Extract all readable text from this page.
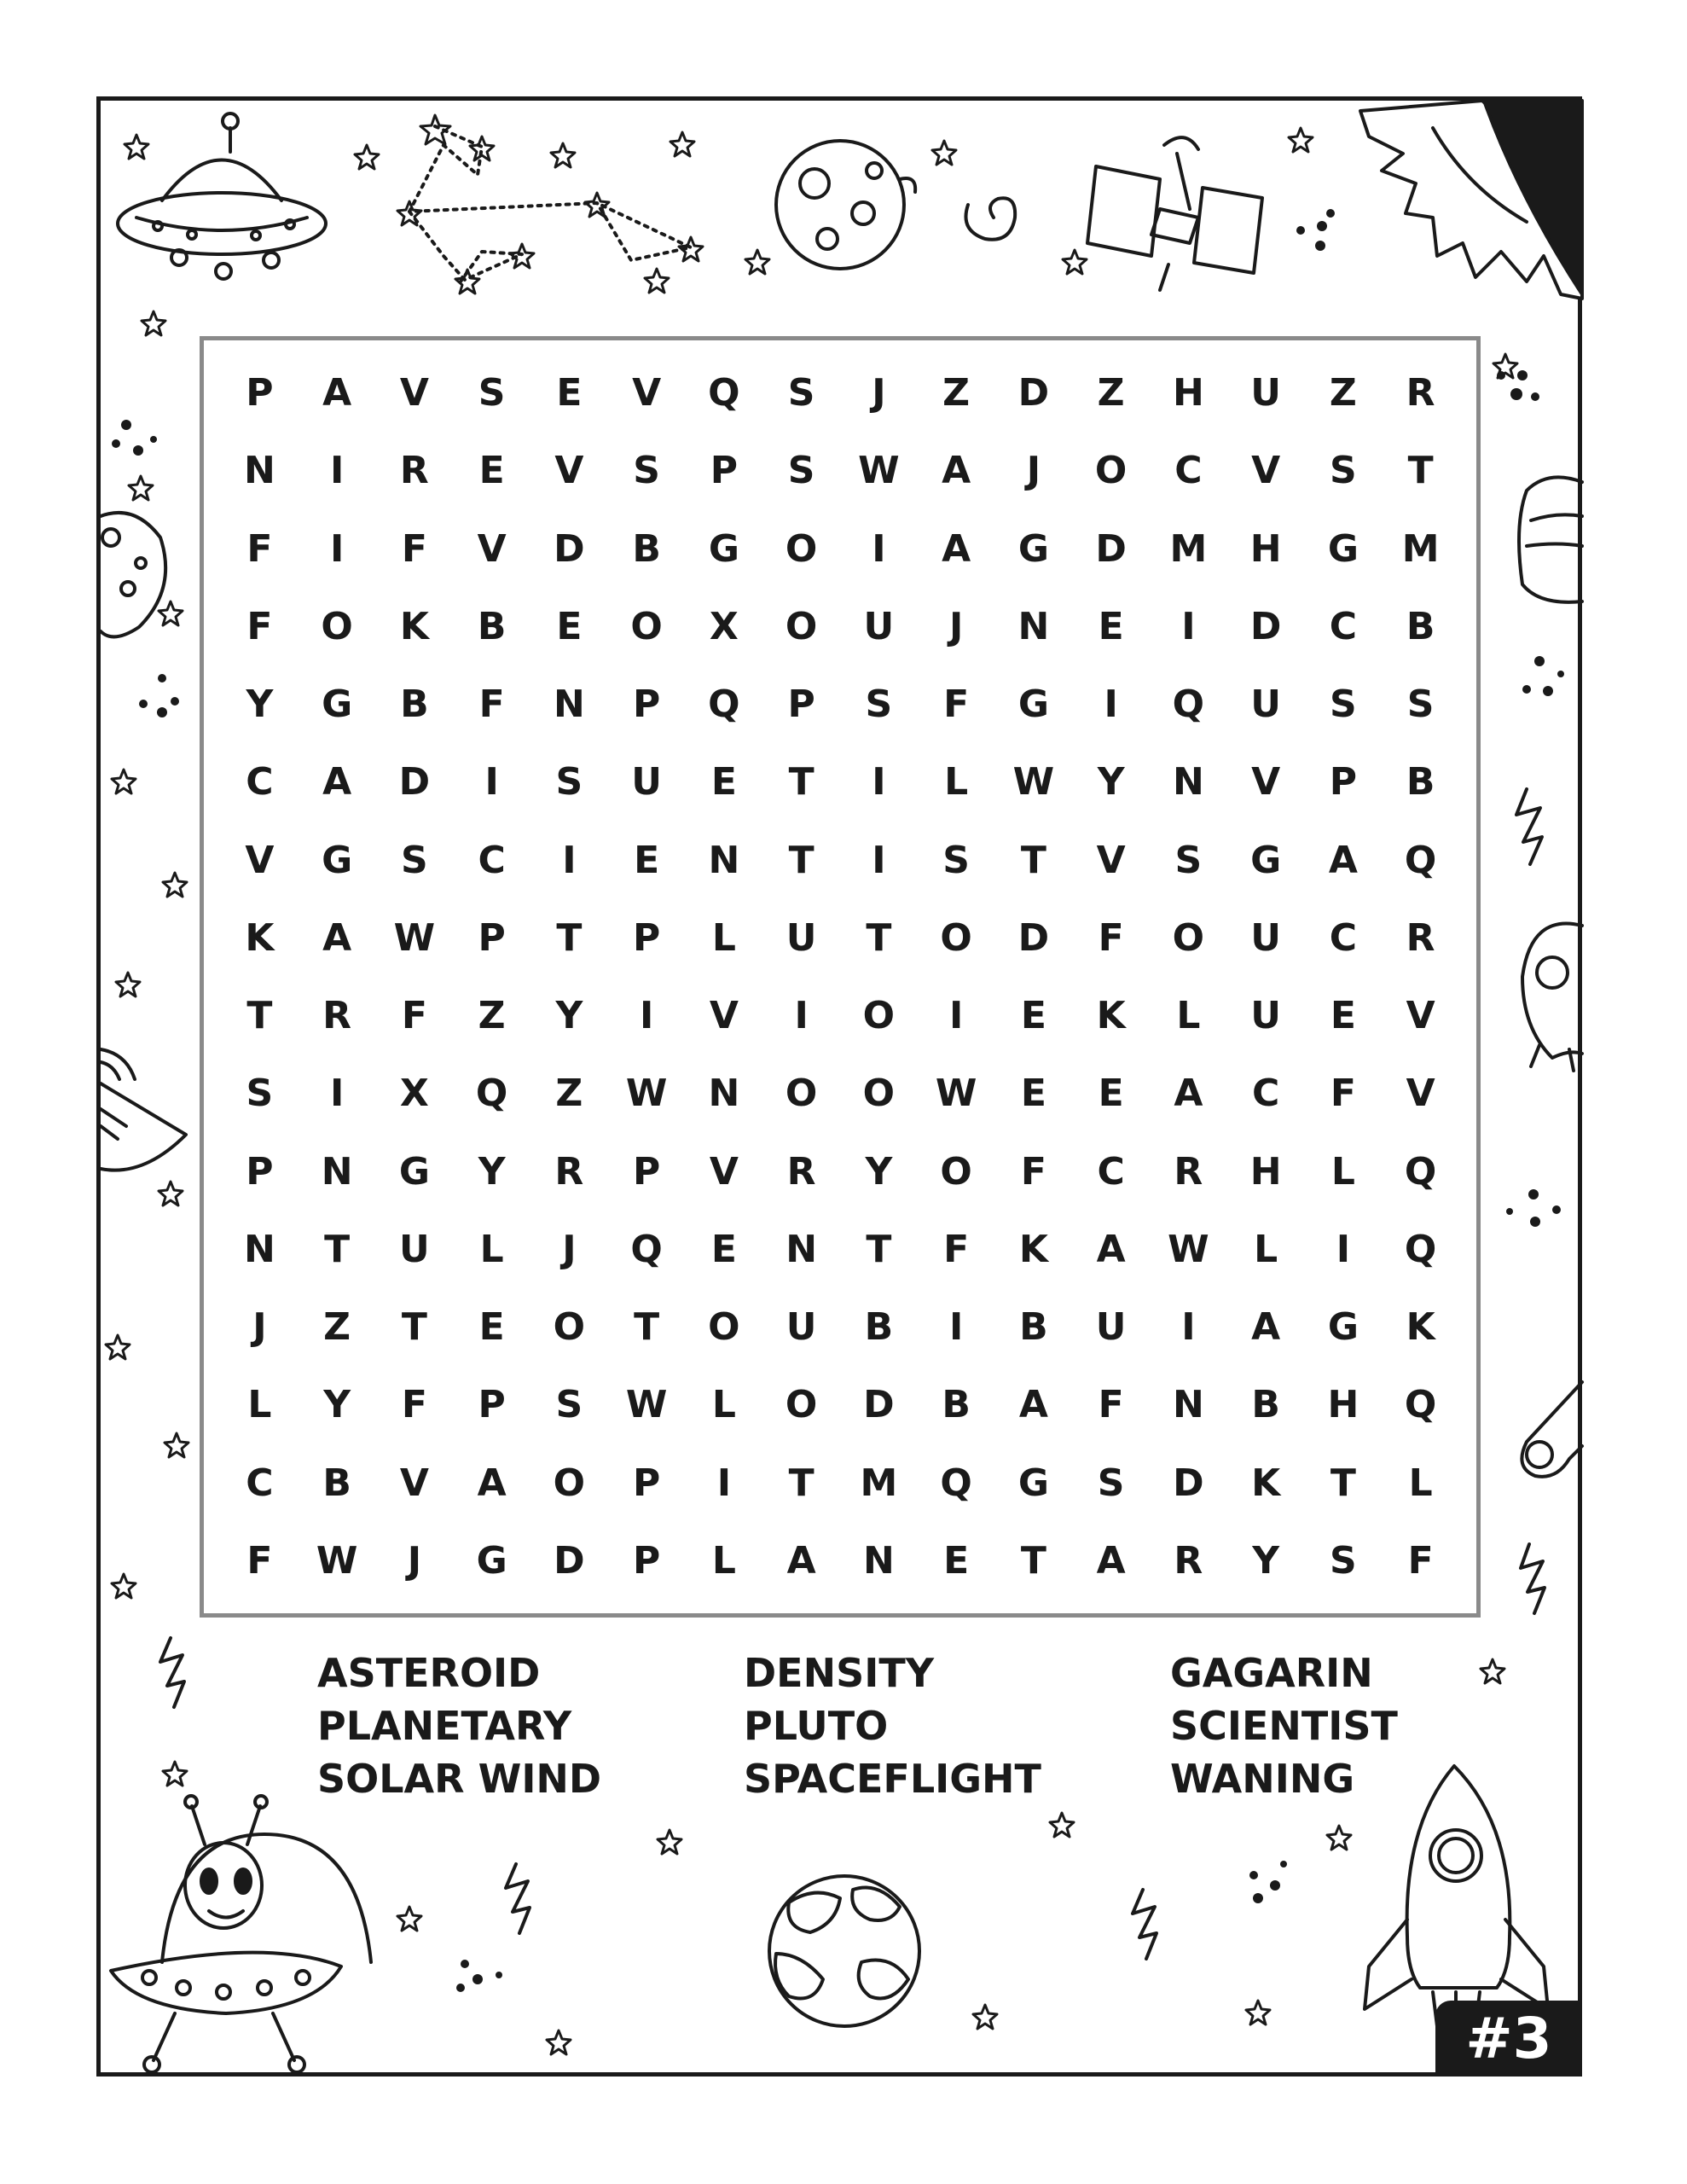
P	A	V	S	E	V	Q	S	J	Z	D	Z	H	U	Z	R
N	I	R	E	V	S	P	S	W	A	J	O	C	V	S	T
F	I	F	V	D	B	G	O	I	A	G	D	M	H	G	M
F	O	K	B	E	O	X	O	U	J	N	E	I	D	C	B
Y	G	B	F	N	P	Q	P	S	F	G	I	Q	U	S	S
C	A	D	I	S	U	E	T	I	L	W	Y	N	V	P	B
V	G	S	C	I	E	N	T	I	S	T	V	S	G	A	Q
K	A	W	P	T	P	L	U	T	O	D	F	O	U	C	R
T	R	F	Z	Y	I	V	I	O	I	E	K	L	U	E	V
S	I	X	Q	Z	W	N	O	O	W	E	E	A	C	F	V
P	N	G	Y	R	P	V	R	Y	O	F	C	R	H	L	Q
N	T	U	L	J	Q	E	N	T	F	K	A	W	L	I	Q
J	Z	T	E	O	T	O	U	B	I	B	U	I	A	G	K
L	Y	F	P	S	W	L	O	D	B	A	F	N	B	H	Q
C	B	V	A	O	P	I	T	M	Q	G	S	D	K	T	L
F	W	J	G	D	P	L	A	N	E	T	A	R	Y	S	F
ASTEROID	DENSITY	GAGARIN
PLANETARY	PLUTO	SCIENTIST
SOLAR WIND	SPACEFLIGHT	WANING
#3
